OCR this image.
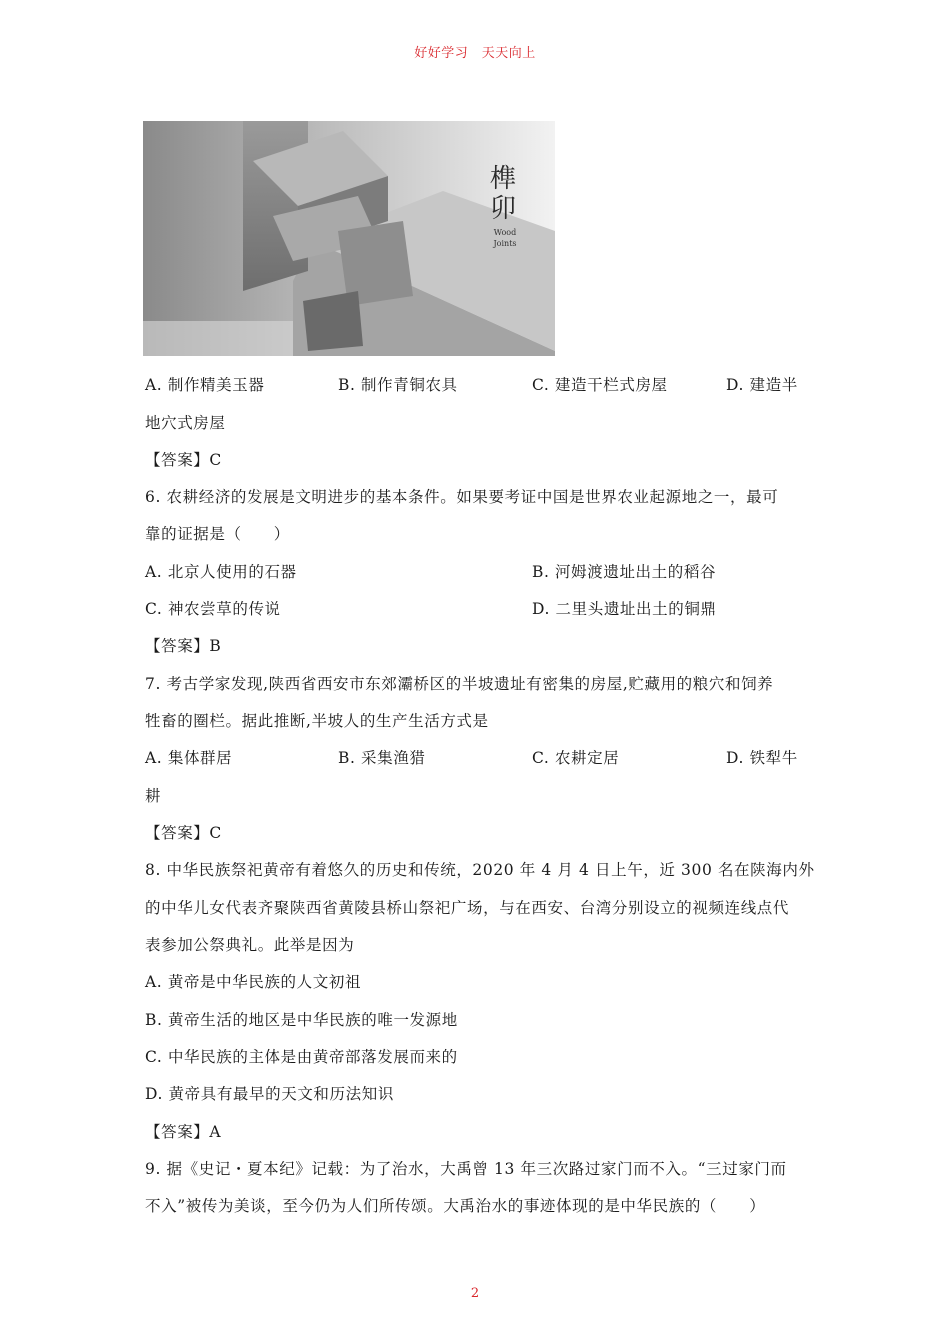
好好学习　天天向上
榫
卯
Wood
Joints
A. 制作精美玉器	B. 制作青铜农具	C. 建造干栏式房屋	D. 建造半
地穴式房屋
【答案】C
6. 农耕经济的发展是文明进步的基本条件。如果要考证中国是世界农业起源地之一，最可
靠的证据是（　　）
A. 北京人使用的石器	B. 河姆渡遗址出土的稻谷
C. 神农尝草的传说	D. 二里头遗址出土的铜鼎
【答案】B
7. 考古学家发现,陕西省西安市东郊灞桥区的半坡遗址有密集的房屋,贮藏用的粮穴和饲养
牲畜的圈栏。据此推断,半坡人的生产生活方式是
A. 集体群居	B. 采集渔猎	C. 农耕定居	D. 铁犁牛
耕
【答案】C
8. 中华民族祭祀黄帝有着悠久的历史和传统，2020 年 4 月 4 日上午，近 300 名在陕海内外
的中华儿女代表齐聚陕西省黄陵县桥山祭祀广场，与在西安、台湾分别设立的视频连线点代
表参加公祭典礼。此举是因为
A. 黄帝是中华民族的人文初祖
B. 黄帝生活的地区是中华民族的唯一发源地
C. 中华民族的主体是由黄帝部落发展而来的
D. 黄帝具有最早的天文和历法知识
【答案】A
9. 据《史记・夏本纪》记载：为了治水，大禹曾 13 年三次路过家门而不入。“三过家门而
不入”被传为美谈，至今仍为人们所传颂。大禹治水的事迹体现的是中华民族的（　　）
2
